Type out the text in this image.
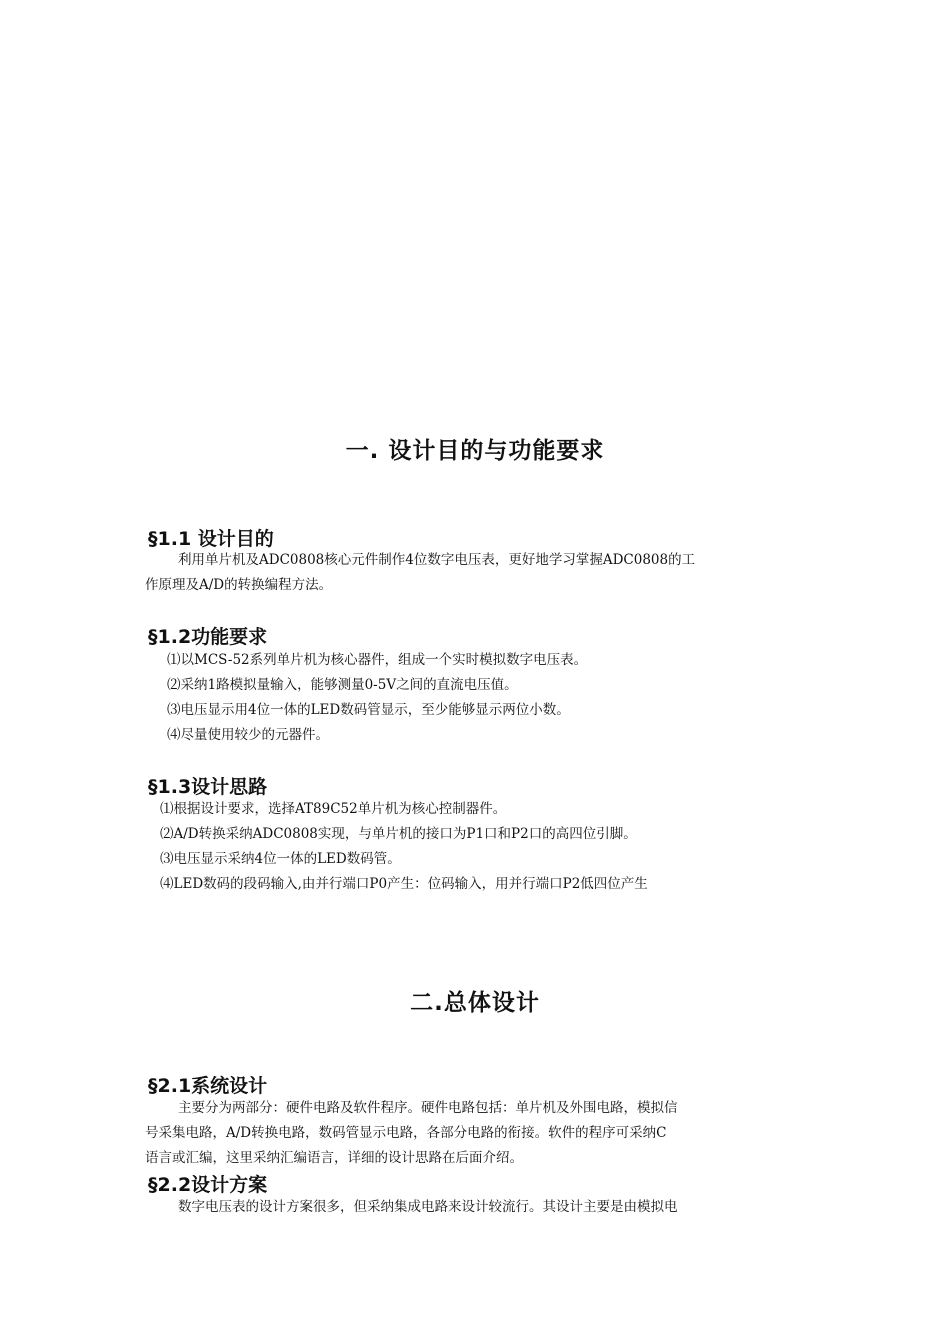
一. 设计目的与功能要求
§1.1 设计目的
利用单片机及ADC0808核心元件制作4位数字电压表，更好地学习掌握ADC0808的工
作原理及A/D的转换编程方法。
§1.2功能要求
⑴以MCS-52系列单片机为核心器件，组成一个实时模拟数字电压表。
⑵采纳1路模拟量输入，能够测量0-5V之间的直流电压值。
⑶电压显示用4位一体的LED数码管显示，至少能够显示两位小数。
⑷尽量使用较少的元器件。
§1.3设计思路
⑴根据设计要求，选择AT89C52单片机为核心控制器件。
⑵A/D转换采纳ADC0808实现，与单片机的接口为P1口和P2口的高四位引脚。
⑶电压显示采纳4位一体的LED数码管。
⑷LED数码的段码输入,由并行端口P0产生：位码输入，用并行端口P2低四位产生
二.总体设计
§2.1系统设计
主要分为两部分：硬件电路及软件程序。硬件电路包括：单片机及外围电路，模拟信
号采集电路，A/D转换电路，数码管显示电路，各部分电路的衔接。软件的程序可采纳C
语言或汇编，这里采纳汇编语言，详细的设计思路在后面介绍。
§2.2设计方案
数字电压表的设计方案很多，但采纳集成电路来设计较流行。其设计主要是由模拟电
